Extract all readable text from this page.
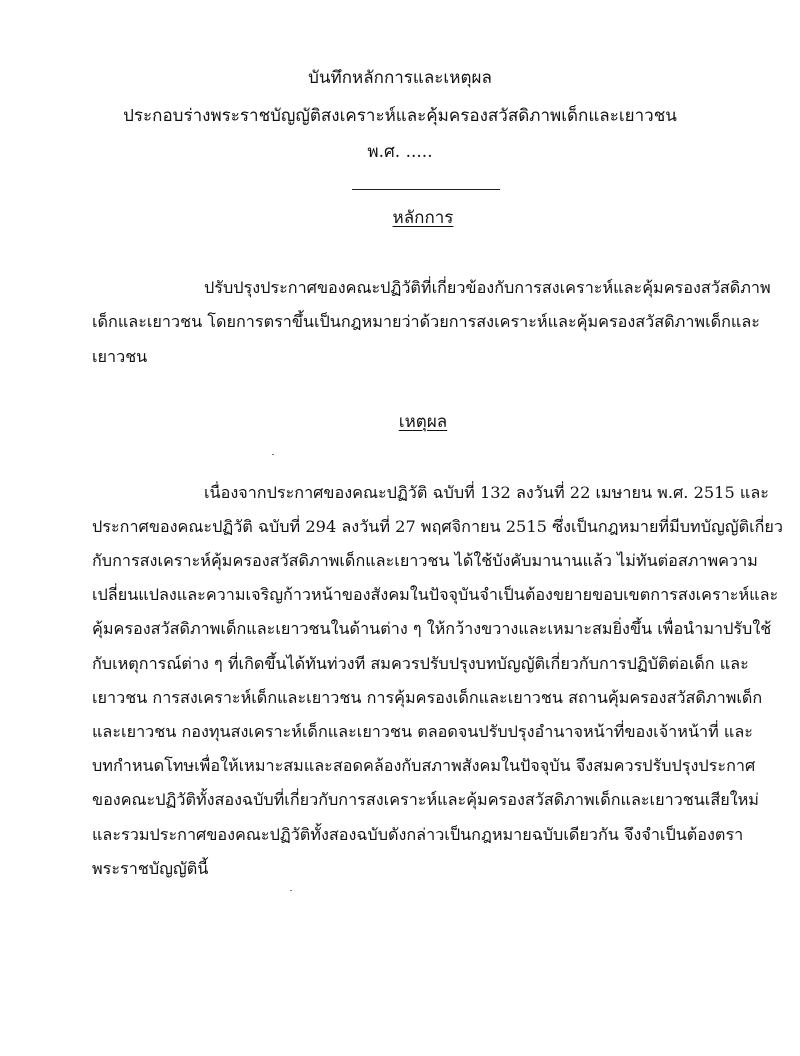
บันทึกหลักการและเหตุผล
ประกอบร่างพระราชบัญญัติสงเคราะห์และคุ้มครองสวัสดิภาพเด็กและเยาวชน
พ.ศ. .....
หลักการ
ปรับปรุงประกาศของคณะปฏิวัติที่เกี่ยวข้องกับการสงเคราะห์และคุ้มครองสวัสดิภาพ
เด็กและเยาวชน โดยการตราขึ้นเป็นกฎหมายว่าด้วยการสงเคราะห์และคุ้มครองสวัสดิภาพเด็กและ
เยาวชน
เหตุผล
เนื่องจากประกาศของคณะปฏิวัติ ฉบับที่ 132 ลงวันที่ 22 เมษายน พ.ศ. 2515 และ
ประกาศของคณะปฏิวัติ ฉบับที่ 294 ลงวันที่ 27 พฤศจิกายน 2515 ซึ่งเป็นกฎหมายที่มีบทบัญญัติเกี่ยว
กับการสงเคราะห์คุ้มครองสวัสดิภาพเด็กและเยาวชน ได้ใช้บังคับมานานแล้ว ไม่ทันต่อสภาพความ
เปลี่ยนแปลงและความเจริญก้าวหน้าของสังคมในปัจจุบันจำเป็นต้องขยายขอบเขตการสงเคราะห์และ
คุ้มครองสวัสดิภาพเด็กและเยาวชนในด้านต่าง ๆ ให้กว้างขวางและเหมาะสมยิ่งขึ้น เพื่อนำมาปรับใช้
กับเหตุการณ์ต่าง ๆ ที่เกิดขึ้นได้ทันท่วงที สมควรปรับปรุงบทบัญญัติเกี่ยวกับการปฏิบัติต่อเด็ก และ
เยาวชน การสงเคราะห์เด็กและเยาวชน การคุ้มครองเด็กและเยาวชน สถานคุ้มครองสวัสดิภาพเด็ก
และเยาวชน กองทุนสงเคราะห์เด็กและเยาวชน ตลอดจนปรับปรุงอำนาจหน้าที่ของเจ้าหน้าที่ และ
บทกำหนดโทษเพื่อให้เหมาะสมและสอดคล้องกับสภาพสังคมในปัจจุบัน จึงสมควรปรับปรุงประกาศ
ของคณะปฏิวัติทั้งสองฉบับที่เกี่ยวกับการสงเคราะห์และคุ้มครองสวัสดิภาพเด็กและเยาวชนเสียใหม่
และรวมประกาศของคณะปฏิวัติทั้งสองฉบับดังกล่าวเป็นกฎหมายฉบับเดียวกัน จึงจำเป็นต้องตรา
พระราชบัญญัตินี้
